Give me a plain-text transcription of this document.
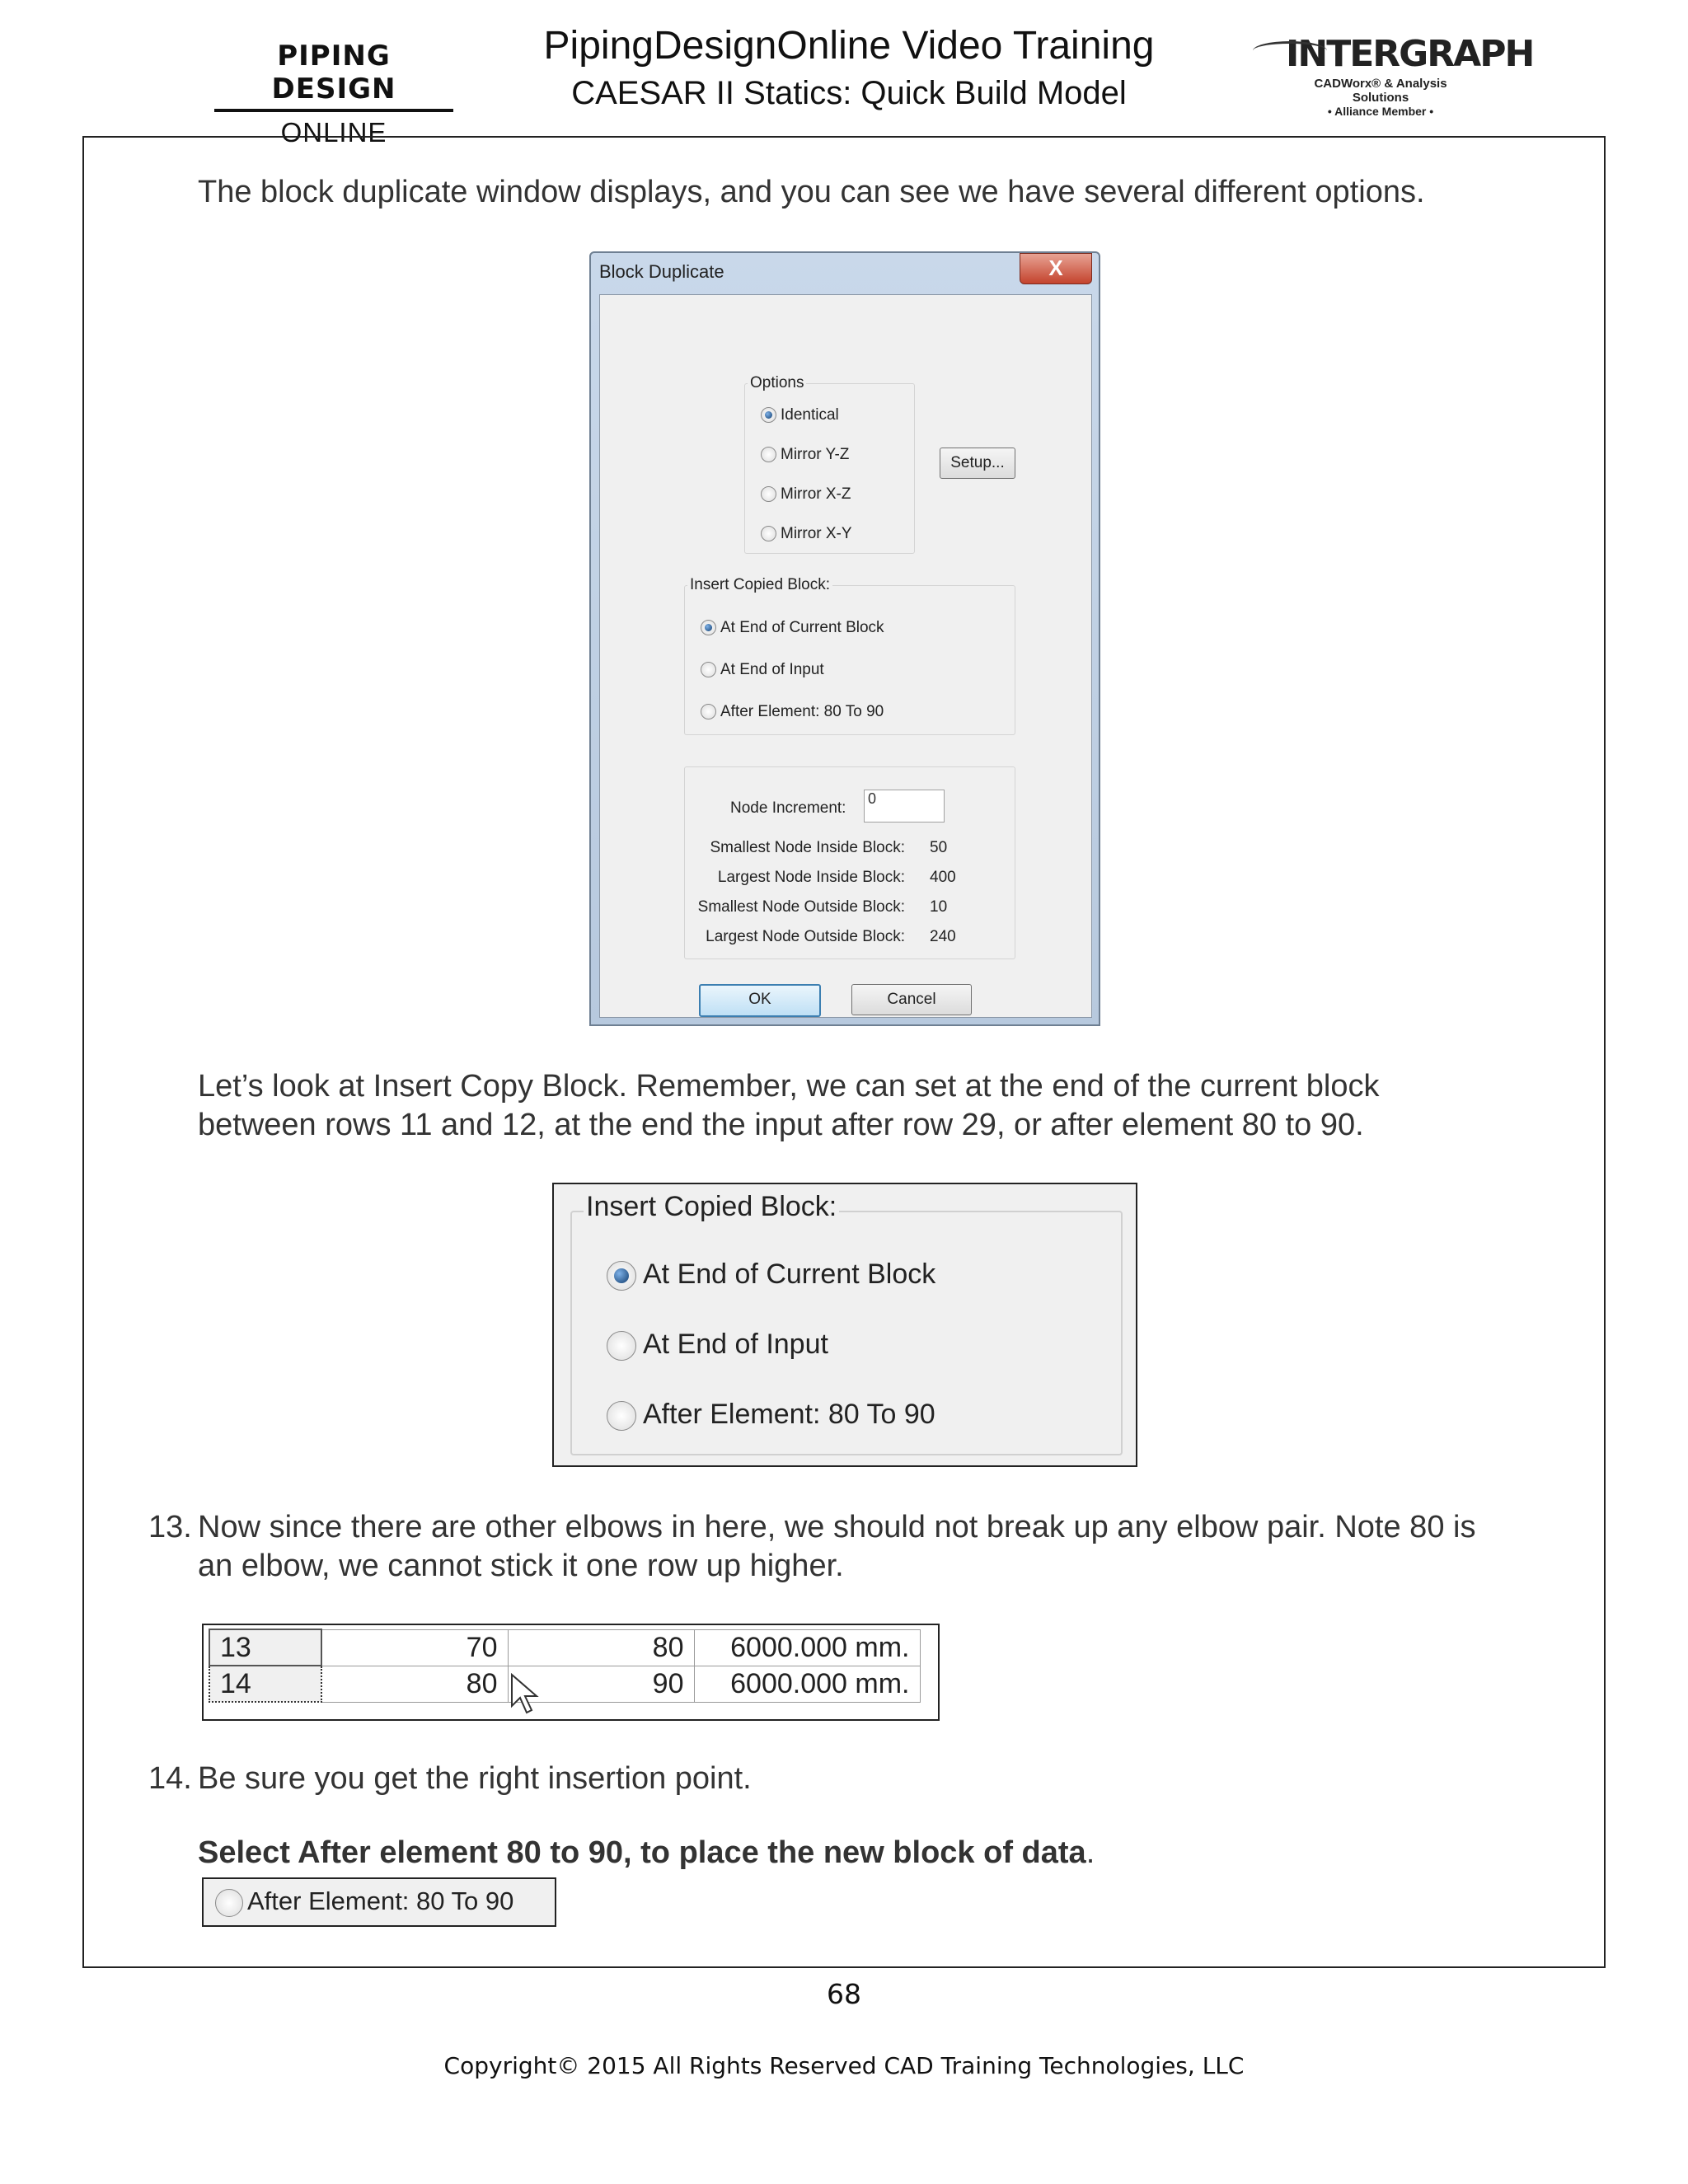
PIPING DESIGN
ONLINE
PipingDesignOnline Video Training
CAESAR II Statics: Quick Build Model
INTERGRAPH
CADWorx® & Analysis Solutions
• Alliance Member •
The block duplicate window displays, and you can see we have several different options.
Block Duplicate	X
Options
Identical
Mirror Y-Z
Mirror X-Z
Mirror X-Y
Setup...
Insert Copied Block:
At End of Current Block
At End of Input
After Element: 80 To 90
Node Increment:
0
Smallest Node Inside Block: 50
Largest Node Inside Block: 400
Smallest Node Outside Block: 10
Largest Node Outside Block: 240
OK	Cancel
Let’s look at Insert Copy Block. Remember, we can set at the end of the current block
between rows 11 and 12, at the end the input after row 29, or after element 80 to 90.
Insert Copied Block:
At End of Current Block
At End of Input
After Element: 80 To 90
13. Now since there are other elbows in here, we should not break up any elbow pair. Note 80 is
an elbow, we cannot stick it one row up higher.
13	70	80	6000.000 mm.
14	80	90	6000.000 mm.
14. Be sure you get the right insertion point.
Select After element 80 to 90, to place the new block of data.
After Element: 80 To 90
68
Copyright© 2015 All Rights Reserved CAD Training Technologies, LLC
